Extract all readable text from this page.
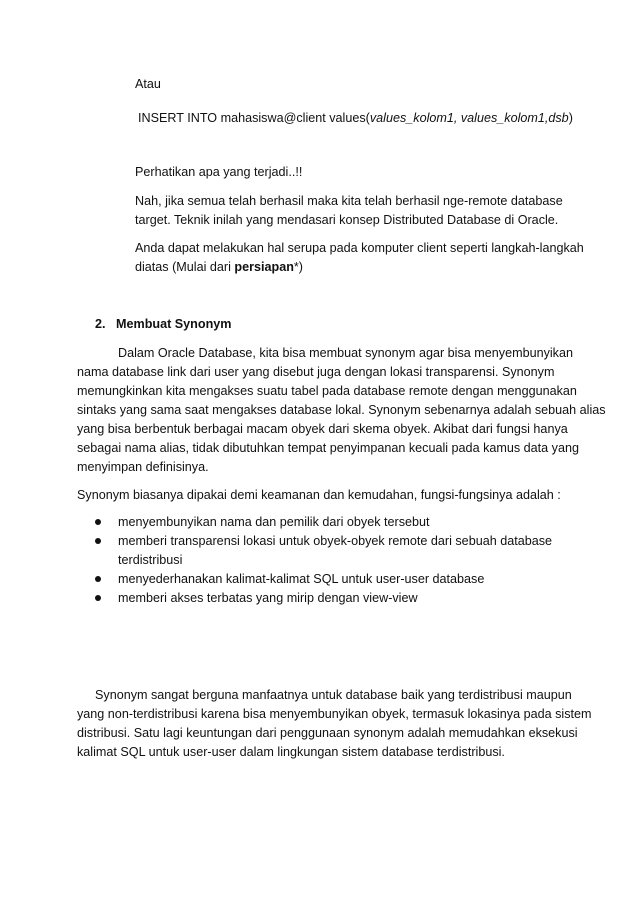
Atau
INSERT INTO mahasiswa@client values(values_kolom1, values_kolom1,dsb)
Perhatikan apa yang terjadi..!!
Nah, jika semua telah berhasil maka kita telah berhasil nge-remote database
target. Teknik inilah yang mendasari konsep Distributed Database di Oracle.
Anda dapat melakukan hal serupa pada komputer client seperti langkah-langkah
diatas (Mulai dari persiapan*)
2.   Membuat Synonym
Dalam Oracle Database, kita bisa membuat synonym agar bisa menyembunyikan
nama database link dari user yang disebut juga dengan lokasi transparensi. Synonym
memungkinkan kita mengakses suatu tabel pada database remote dengan menggunakan
sintaks yang sama saat mengakses database lokal. Synonym sebenarnya adalah sebuah alias
yang bisa berbentuk berbagai macam obyek dari skema obyek. Akibat dari fungsi hanya
sebagai nama alias, tidak dibutuhkan tempat penyimpanan kecuali pada kamus data yang
menyimpan definisinya.
Synonym biasanya dipakai demi keamanan dan kemudahan, fungsi-fungsinya adalah :
menyembunyikan nama dan pemilik dari obyek tersebut
memberi transparensi lokasi untuk obyek-obyek remote dari sebuah database
terdistribusi
menyederhanakan kalimat-kalimat SQL untuk user-user database
memberi akses terbatas yang mirip dengan view-view
Synonym sangat berguna manfaatnya untuk database baik yang terdistribusi maupun
yang non-terdistribusi karena bisa menyembunyikan obyek, termasuk lokasinya pada sistem
distribusi. Satu lagi keuntungan dari penggunaan synonym adalah memudahkan eksekusi
kalimat SQL untuk user-user dalam lingkungan sistem database terdistribusi.
